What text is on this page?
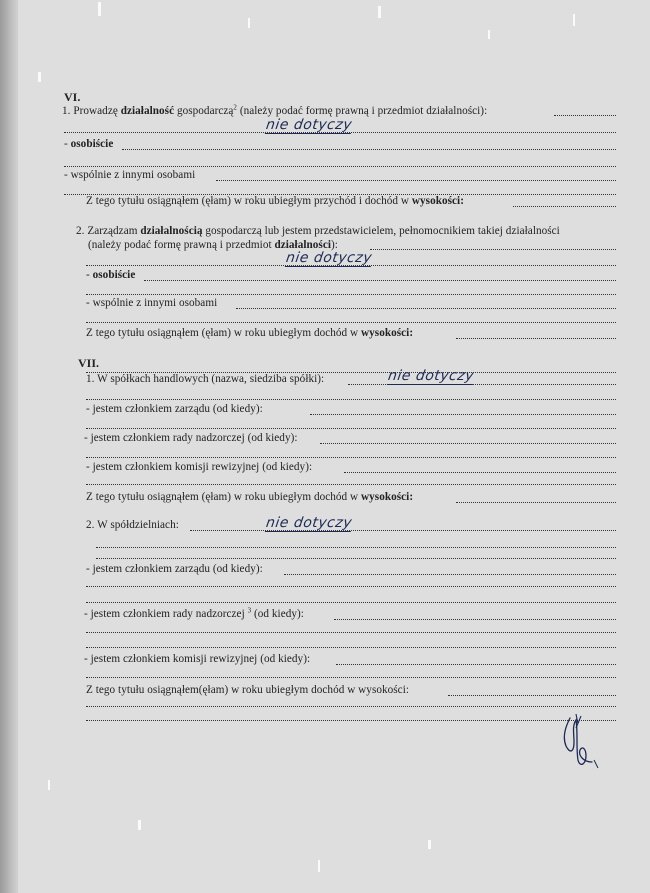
VI.
1. Prowadzę działalność gospodarczą$^2$ (należy podać formę prawną i przedmiot działalności):
nie dotyczy
- osobiście
- wspólnie z innymi osobami
Z tego tytułu osiągnąłem (ęłam) w roku ubiegłym przychód i dochód w wysokości:
2. Zarządzam działalnością gospodarczą lub jestem przedstawicielem, pełnomocnikiem takiej działalności
(należy podać formę prawną i przedmiot działalności):
nie dotyczy
- osobiście
- wspólnie z innymi osobami
Z tego tytułu osiągnąłem (ęłam) w roku ubiegłym dochód w wysokości:
VII.
1. W spółkach handlowych (nazwa, siedziba spółki):	nie dotyczy
- jestem członkiem zarządu (od kiedy):
- jestem członkiem rady nadzorczej (od kiedy):
- jestem członkiem komisji rewizyjnej (od kiedy):
Z tego tytułu osiągnąłem (ęłam) w roku ubiegłym dochód w wysokości:
2. W spółdzielniach:	nie dotyczy
- jestem członkiem zarządu (od kiedy):
- jestem członkiem rady nadzorczej $^3$ (od kiedy):
- jestem członkiem komisji rewizyjnej (od kiedy):
Z tego tytułu osiągnąłem(ęłam) w roku ubiegłym dochód w wysokości:
